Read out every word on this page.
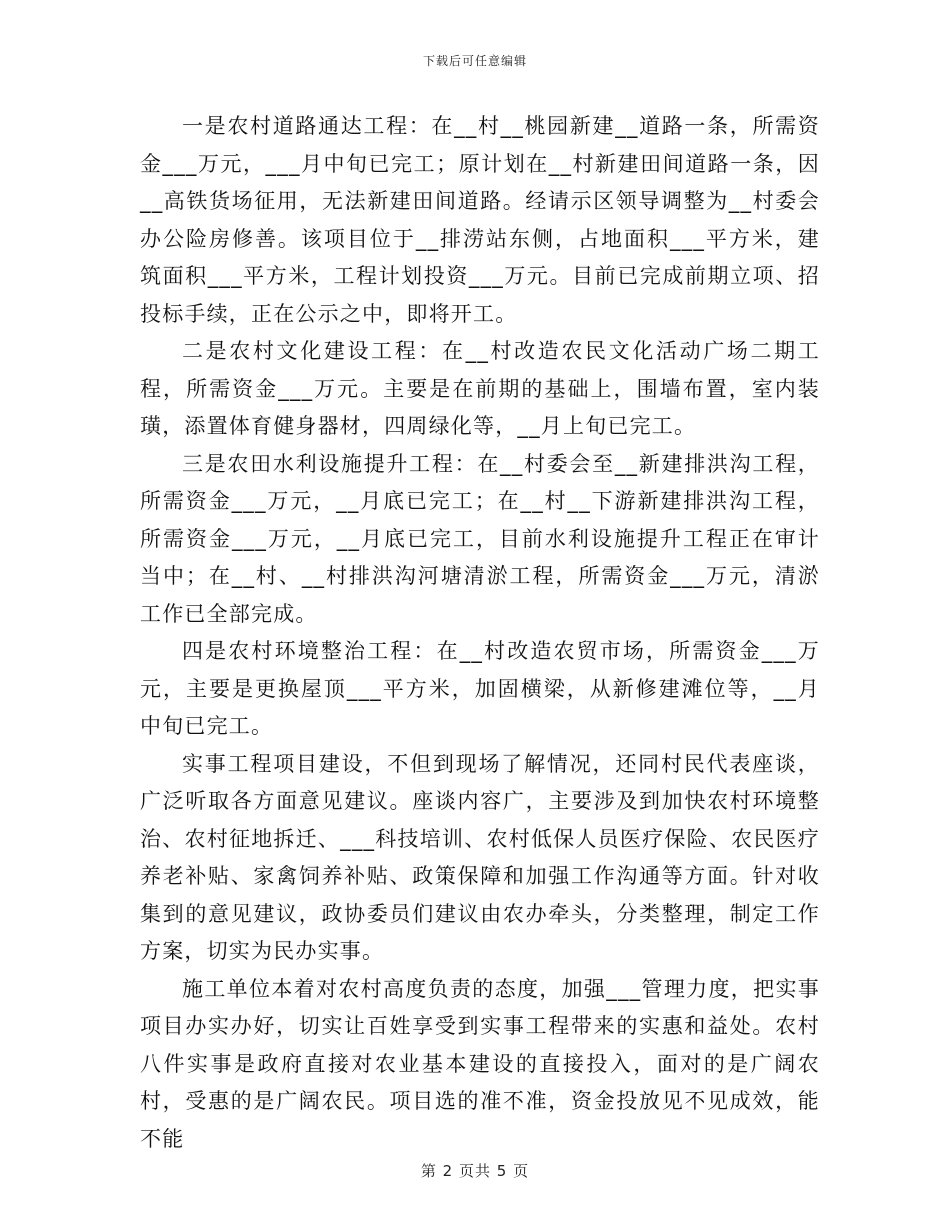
下载后可任意编辑

一是农村道路通达工程：在__村__桃园新建__道路一条，所需资金___万元，___月中旬已完工；原计划在__村新建田间道路一条，因__高铁货场征用，无法新建田间道路。经请示区领导调整为__村委会办公险房修善。该项目位于__排涝站东侧，占地面积___平方米，建筑面积___平方米，工程计划投资___万元。目前已完成前期立项、招投标手续，正在公示之中，即将开工。

二是农村文化建设工程：在__村改造农民文化活动广场二期工程，所需资金___万元。主要是在前期的基础上，围墙布置，室内装璜，添置体育健身器材，四周绿化等，__月上旬已完工。

三是农田水利设施提升工程：在__村委会至__新建排洪沟工程，所需资金___万元，__月底已完工；在__村__下游新建排洪沟工程，所需资金___万元，__月底已完工，目前水利设施提升工程正在审计当中；在__村、__村排洪沟河塘清淤工程，所需资金___万元，清淤工作已全部完成。

四是农村环境整治工程：在__村改造农贸市场，所需资金___万元，主要是更换屋顶___平方米，加固横梁，从新修建滩位等，__月中旬已完工。

实事工程项目建设，不但到现场了解情况，还同村民代表座谈，广泛听取各方面意见建议。座谈内容广，主要涉及到加快农村环境整治、农村征地拆迁、___科技培训、农村低保人员医疗保险、农民医疗养老补贴、家禽饲养补贴、政策保障和加强工作沟通等方面。针对收集到的意见建议，政协委员们建议由农办牵头，分类整理，制定工作方案，切实为民办实事。

施工单位本着对农村高度负责的态度，加强___管理力度，把实事项目办实办好，切实让百姓享受到实事工程带来的实惠和益处。农村八件实事是政府直接对农业基本建设的直接投入，面对的是广阔农村，受惠的是广阔农民。项目选的准不准，资金投放见不见成效，能不能

第 2 页共 5 页
